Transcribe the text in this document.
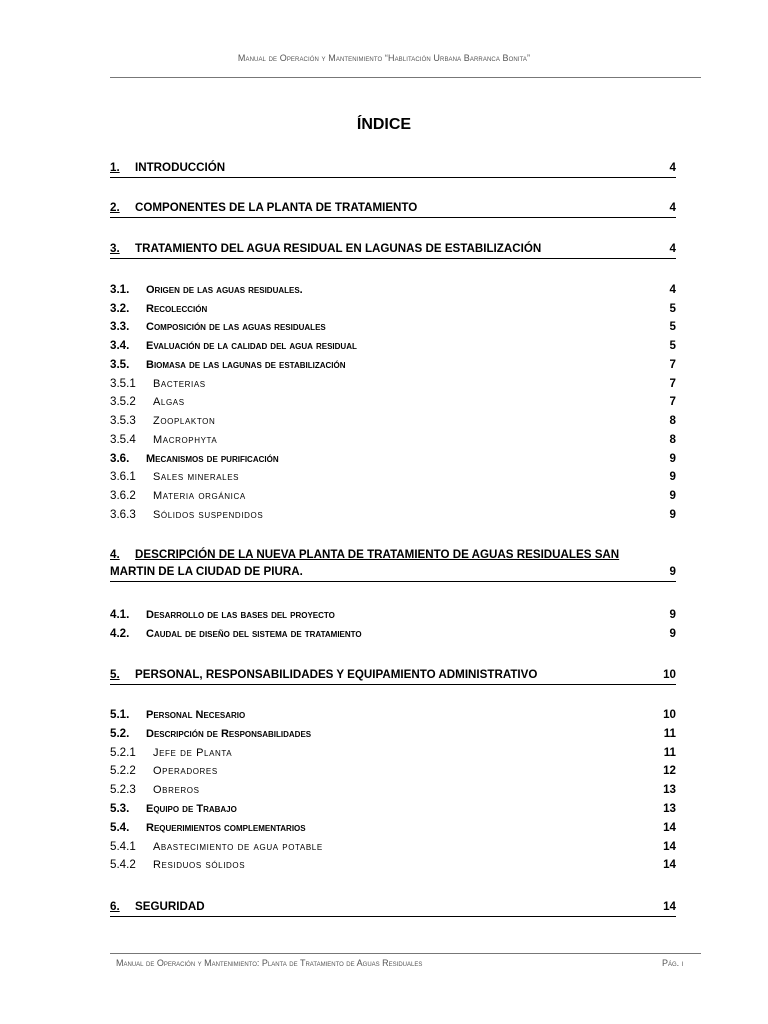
Manual de Operación y Mantenimiento “Hablitación Urbana Barranca Bonita”
ÍNDICE
1. INTRODUCCIÓN	4
2. COMPONENTES DE LA PLANTA DE TRATAMIENTO	4
3. TRATAMIENTO DEL AGUA RESIDUAL EN LAGUNAS DE ESTABILIZACIÓN	4
3.1. Origen de las aguas residuales.	4
3.2. Recolección	5
3.3. Composición de las aguas residuales	5
3.4. Evaluación de la calidad del agua residual	5
3.5. Biomasa de las lagunas de estabilización	7
3.5.1 Bacterias	7
3.5.2 Algas	7
3.5.3 Zooplakton	8
3.5.4 Macrophyta	8
3.6. Mecanismos de purificación	9
3.6.1 Sales minerales	9
3.6.2 Materia orgánica	9
3.6.3 Sólidos suspendidos	9
4. DESCRIPCIÓN DE LA NUEVA PLANTA DE TRATAMIENTO DE AGUAS RESIDUALES SAN
MARTIN DE LA CIUDAD DE PIURA.	9
4.1. Desarrollo de las bases del proyecto	9
4.2. Caudal de diseño del sistema de tratamiento	9
5. PERSONAL, RESPONSABILIDADES Y EQUIPAMIENTO ADMINISTRATIVO	10
5.1. Personal Necesario	10
5.2. Descripción de Responsabilidades	11
5.2.1 Jefe de Planta	11
5.2.2 Operadores	12
5.2.3 Obreros	13
5.3. Equipo de Trabajo	13
5.4. Requerimientos complementarios	14
5.4.1 Abastecimiento de agua potable	14
5.4.2 Residuos sólidos	14
6. SEGURIDAD	14
Manual de Operación y Mantenimiento: Planta de Tratamiento de Aguas Residuales	Pág. i
